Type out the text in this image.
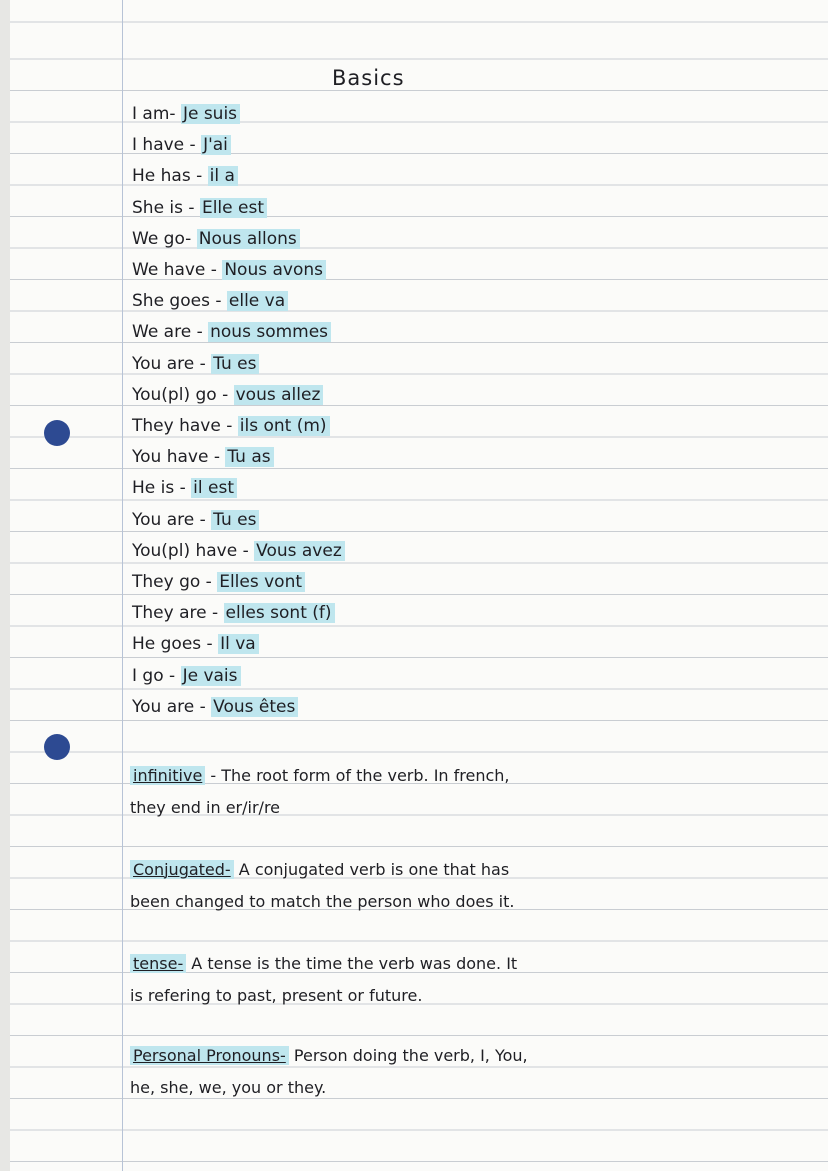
Basics
I am- Je suis
I have - J'ai
He has - il a
She is - Elle est
We go- Nous allons
We have - Nous avons
She goes - elle va
We are - nous sommes
You are - Tu es
You(pl) go - vous allez
They have - ils ont (m)
You have - Tu as
He is - il est
You are - Tu es
You(pl) have - Vous avez
They go - Elles vont
They are - elles sont (f)
He goes - Il va
I go - Je vais
You are - Vous êtes
infinitive - The root form of the verb. In french,
they end in er/ir/re
Conjugated- A conjugated verb is one that has
been changed to match the person who does it.
tense- A tense is the time the verb was done. It
is refering to past, present or future.
Personal Pronouns- Person doing the verb, I, You,
he, she, we, you or they.
